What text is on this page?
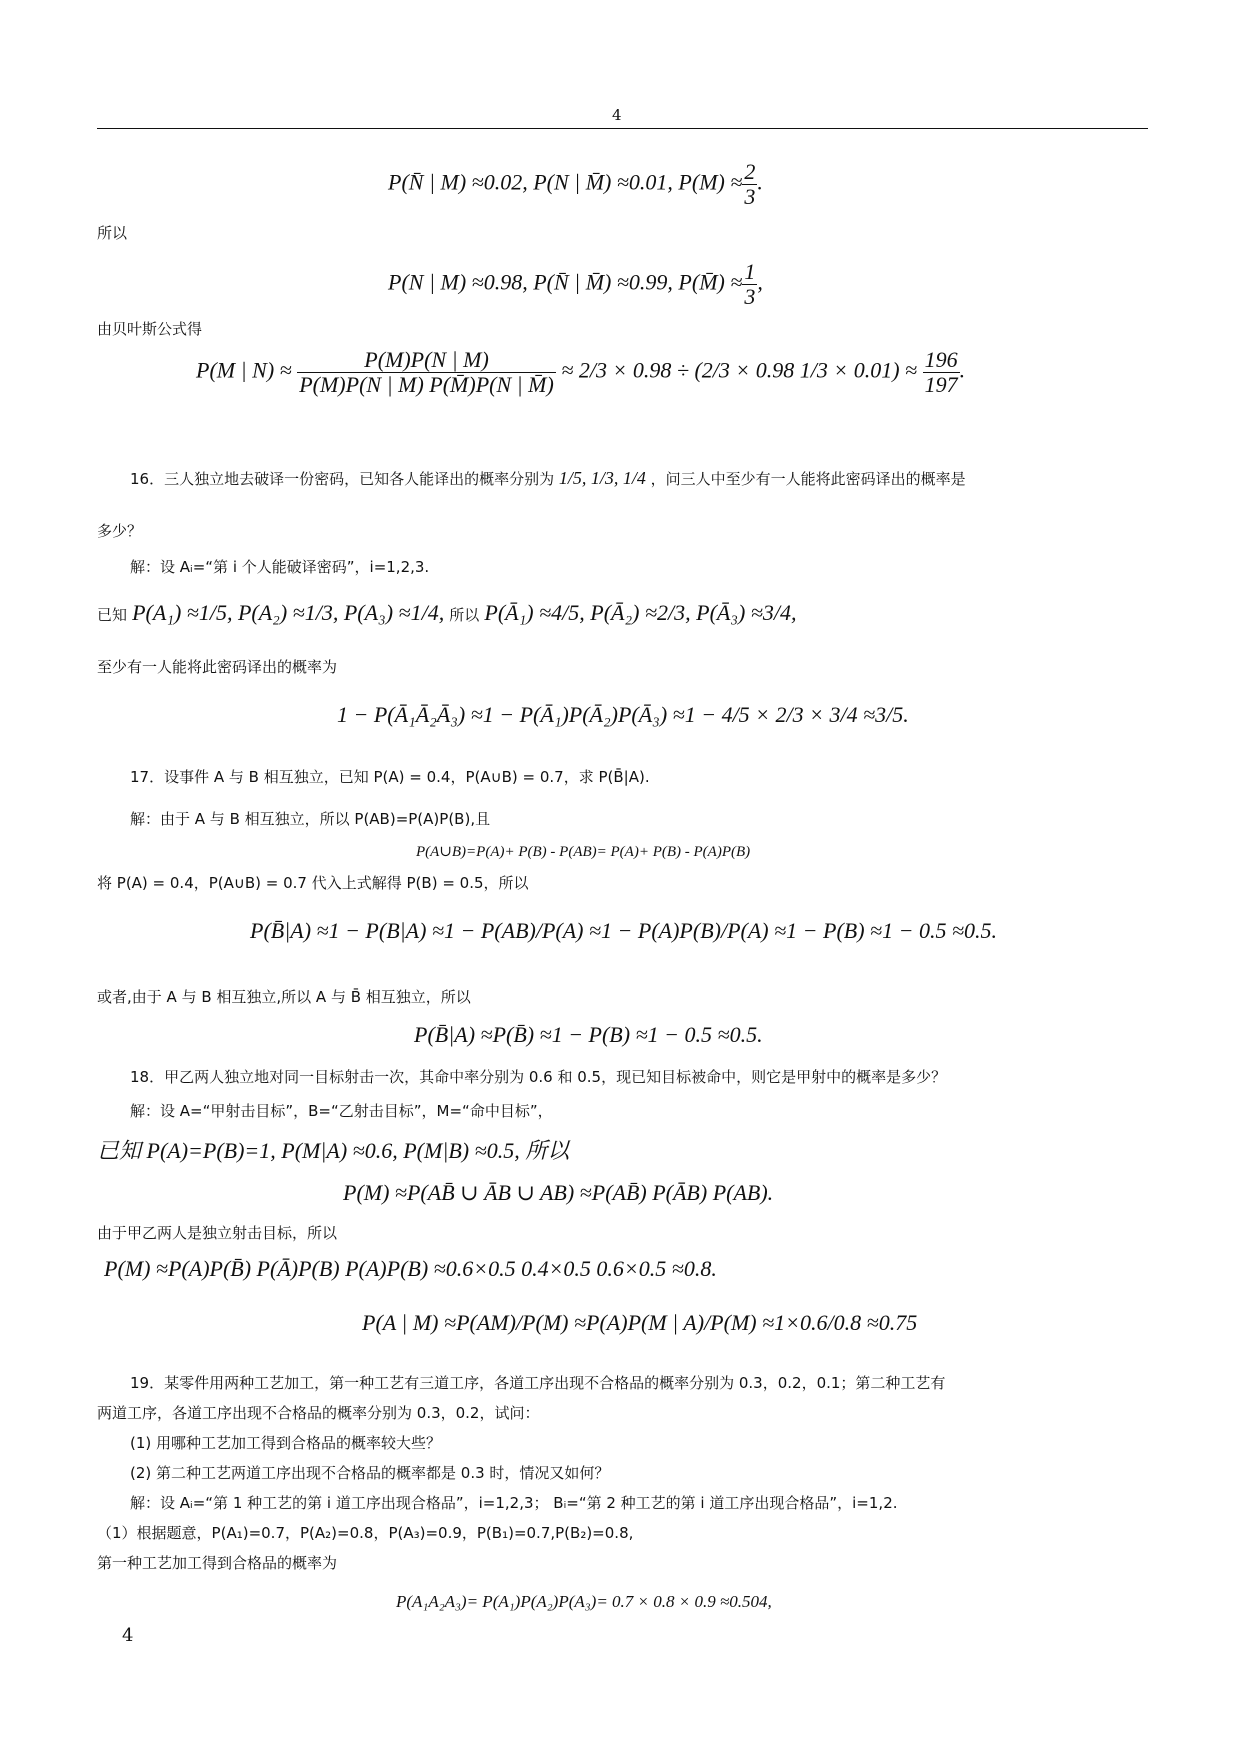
4
P(N̄ | M) ≈0.02, P(N | M̄) ≈0.01, $P(M) \approx \frac{2}{3}$ .
所以
P(N | M) ≈0.98, P(N̄ | M̄) ≈0.99, P(M̄) ≈ $\frac{1}{3}$ ,
由贝叶斯公式得
P(M | $N) \approx \frac{P(M)P(N | M)}{P(M)P(N | M) P(M̄)P(N | M̄)} \approx 2/3 \times 0.98 \div (2/3 \times 0.98$ $1/3 \times 0.01) \approx \frac{196}{197}$ .
16．三人独立地去破译一份密码，已知各人能译出的概率分别为 1/5, 1/3, 1/4 ，问三人中至少有一人能将此密码译出的概率是
多少？
解：设 Aᵢ=“第 i 个人能破译密码”，i=1,2,3.
已知 P(A₁) ≈1/5, P(A₂) ≈1/3, P(A₃) ≈1/4, 所以 P(Ā₁) ≈4/5, P(Ā₂) ≈2/3, P(Ā₃) ≈3/4,
至少有一人能将此密码译出的概率为
1 − P(Ā₁Ā₂Ā₃) ≈1 − P(Ā₁)P(Ā₂)P(Ā₃) ≈1 − 4/5 × 2/3 × 3/4 ≈3/5.
17．设事件 A 与 B 相互独立，已知 P(A) = 0.4，P(A∪B) = 0.7，求 P(B̄|A).
解：由于 A 与 B 相互独立，所以 P(AB)=P(A)P(B),且
P(A∪B)=P(A)+ P(B) - P(AB)= P(A)+ P(B) - P(A)P(B)
将 P(A) = 0.4，P(A∪B) = 0.7 代入上式解得 P(B) = 0.5，所以
P(B̄|A) ≈1 − P(B|A) ≈1 − P(AB)/P(A) ≈1 − P(A)P(B)/P(A) ≈1 − P(B) ≈1 − 0.5 ≈0.5.
或者,由于 A 与 B 相互独立,所以 A 与 B̄ 相互独立，所以
P(B̄|A) ≈P(B̄) ≈1 − P(B) ≈1 − 0.5 ≈0.5.
18．甲乙两人独立地对同一目标射击一次，其命中率分别为 0.6 和 0.5，现已知目标被命中，则它是甲射中的概率是多少？
解：设 A=“甲射击目标”，B=“乙射击目标”，M=“命中目标”，
已知 P(A)=P(B)=1, P(M|A) ≈0.6, P(M|B) ≈0.5, 所以
P(M) ≈P(AB̄ ∪ ĀB ∪ AB) ≈P(AB̄) P(ĀB) P(AB).
由于甲乙两人是独立射击目标，所以
P(M) ≈P(A)P(B̄) P(Ā)P(B) P(A)P(B) ≈0.6×0.5 0.4×0.5 0.6×0.5 ≈0.8.
P(A | M) ≈P(AM)/P(M) ≈P(A)P(M | A)/P(M) ≈1×0.6/0.8 ≈0.75
19．某零件用两种工艺加工，第一种工艺有三道工序，各道工序出现不合格品的概率分别为 0.3，0.2，0.1；第二种工艺有
两道工序，各道工序出现不合格品的概率分别为 0.3，0.2，试问：
(1) 用哪种工艺加工得到合格品的概率较大些？
(2) 第二种工艺两道工序出现不合格品的概率都是 0.3 时，情况又如何？
解：设 Aᵢ=“第 1 种工艺的第 i 道工序出现合格品”，i=1,2,3； Bᵢ=“第 2 种工艺的第 i 道工序出现合格品”，i=1,2.
（1）根据题意，P(A₁)=0.7，P(A₂)=0.8，P(A₃)=0.9，P(B₁)=0.7,P(B₂)=0.8,
第一种工艺加工得到合格品的概率为
P(A₁A₂A₃)= P(A₁)P(A₂)P(A₃)= 0.7 × 0.8 × 0.9 ≈0.504,
4
